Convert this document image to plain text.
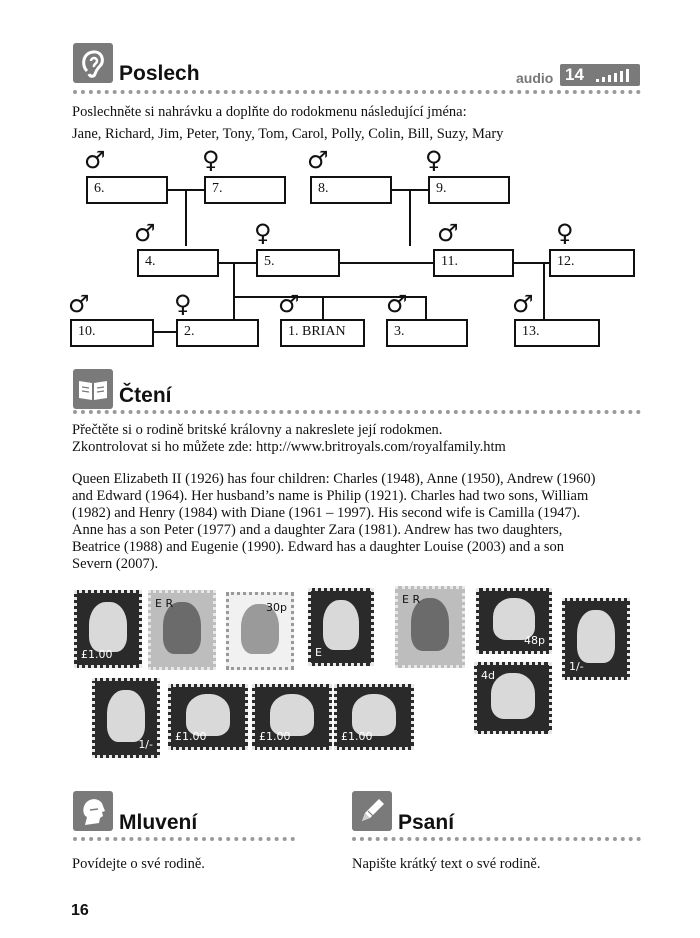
Poslech	audio 14
Poslechněte si nahrávku a doplňte do rodokmenu následující jména:
Jane, Richard, Jim, Peter, Tony, Tom, Carol, Polly, Colin, Bill, Suzy, Mary
♂	♀	♂	♀
6.	7.	8.	9.
♂	♀	♂	♀
4.	5.	11.	12.
♂	♀	♂	♂	♂
10.	2.	1. BRIAN	3.	13.
Čtení
Přečtěte si o rodině britské královny a nakreslete její rodokmen.
Zkontrolovat si ho můžete zde: http://www.britroyals.com/royalfamily.htm
Queen Elizabeth II (1926) has four children: Charles (1948), Anne (1950), Andrew (1960)
and Edward (1964). Her husband’s name is Philip (1921). Charles had two sons, William
(1982) and Henry (1984) with Diane (1961 – 1997). His second wife is Camilla (1947).
Anne has a son Peter (1977) and a daughter Zara (1981). Andrew has two daughters,
Beatrice (1988) and Eugenie (1990). Edward has a daughter Louise (2003) and a son
Severn (2007).
£1.00
E R	30p
E
E R
48p
1/-
1/-
£1.00	£1.00	£1.00
4d
Mluvení
Povídejte o své rodině.
Psaní
Napište krátký text o své rodině.
16
